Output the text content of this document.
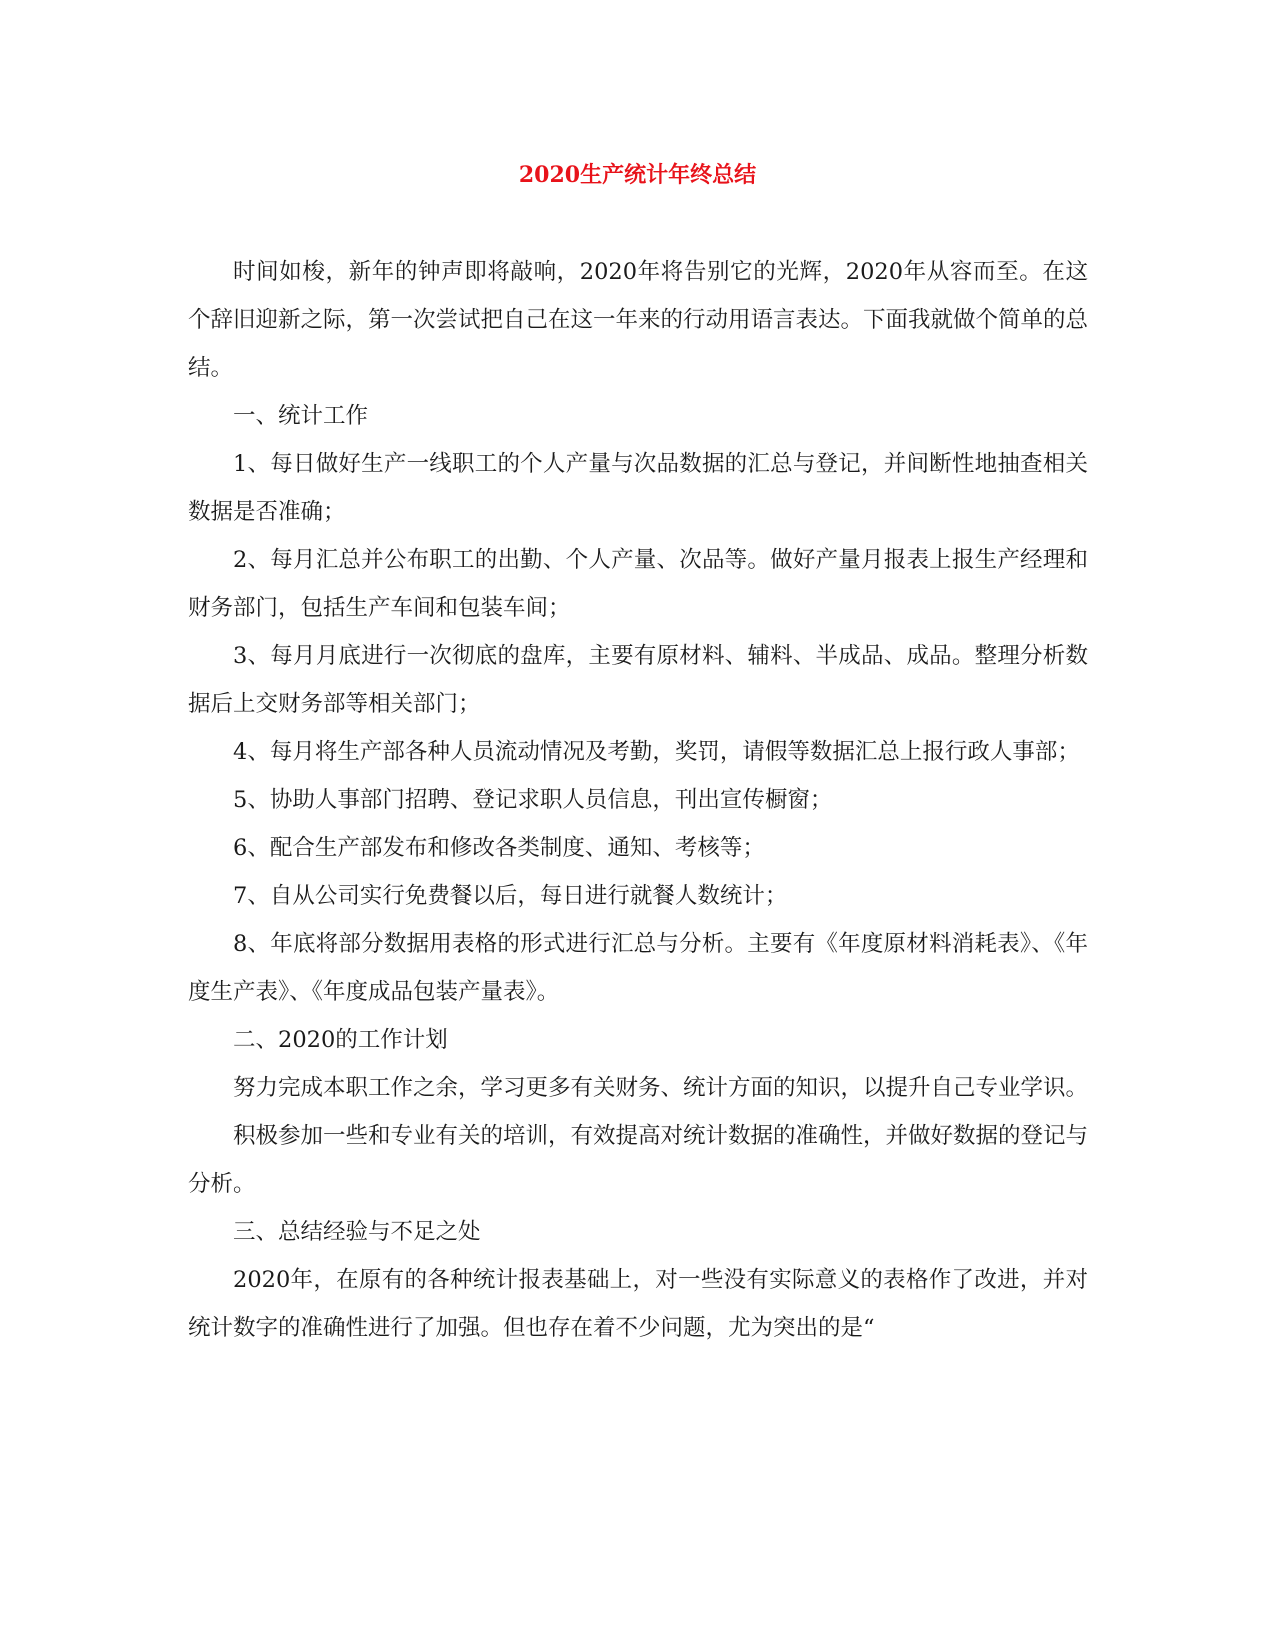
2020生产统计年终总结

时间如梭，新年的钟声即将敲响，2020年将告别它的光辉，2020年从容而至。在这个辞旧迎新之际，第一次尝试把自己在这一年来的行动用语言表达。下面我就做个简单的总结。

一、统计工作

1、每日做好生产一线职工的个人产量与次品数据的汇总与登记，并间断性地抽查相关数据是否准确；

2、每月汇总并公布职工的出勤、个人产量、次品等。做好产量月报表上报生产经理和财务部门，包括生产车间和包装车间；

3、每月月底进行一次彻底的盘库，主要有原材料、辅料、半成品、成品。整理分析数据后上交财务部等相关部门；

4、每月将生产部各种人员流动情况及考勤，奖罚，请假等数据汇总上报行政人事部；

5、协助人事部门招聘、登记求职人员信息，刊出宣传橱窗；

6、配合生产部发布和修改各类制度、通知、考核等；

7、自从公司实行免费餐以后，每日进行就餐人数统计；

8、年底将部分数据用表格的形式进行汇总与分析。主要有《年度原材料消耗表》、《年度生产表》、《年度成品包装产量表》。

二、2020的工作计划

努力完成本职工作之余，学习更多有关财务、统计方面的知识，以提升自己专业学识。

积极参加一些和专业有关的培训，有效提高对统计数据的准确性，并做好数据的登记与分析。

三、总结经验与不足之处

2020年，在原有的各种统计报表基础上，对一些没有实际意义的表格作了改进，并对统计数字的准确性进行了加强。但也存在着不少问题，尤为突出的是“
